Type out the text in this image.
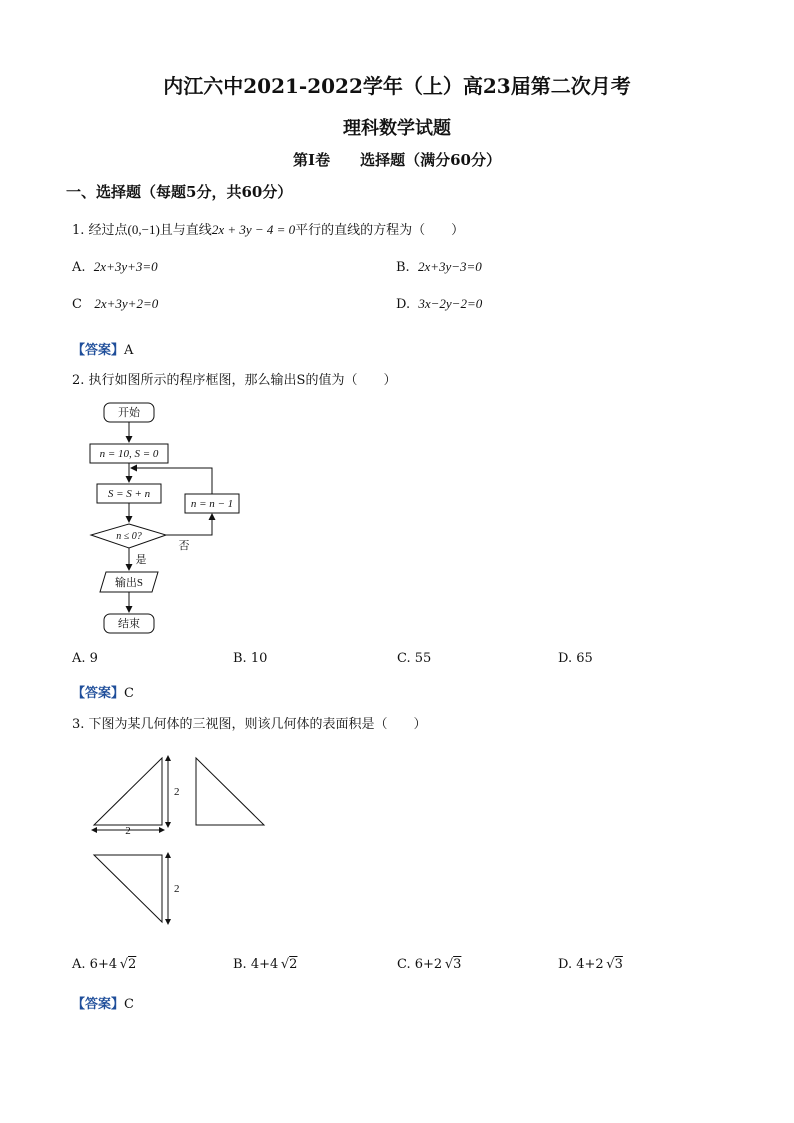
内江六中2021-2022学年（上）高23届第二次月考
理科数学试题
第Ⅰ卷　　选择题（满分60分）
一、选择题（每题5分，共60分）
1. 经过点(0,−1)且与直线2x + 3y − 4 = 0平行的直线的方程为（　　）
A. 2x+3y+3=0	B. 2x+3y−3=0
C 2x+3y+2=0	D. 3x−2y−2=0
【答案】A
2. 执行如图所示的程序框图，那么输出S的值为（　　）
开始
n = 10, S = 0
S = S + n
n = n − 1
n ≤ 0?
否
是
输出S
结束
A. 9	B. 10	C. 55	D. 65
【答案】C
3. 下图为某几何体的三视图，则该几何体的表面积是（　　）
2
2
2
A. 6+4  √2	B. 4+4  √2	C. 6+2  √3	D. 4+2  √3
【答案】C
